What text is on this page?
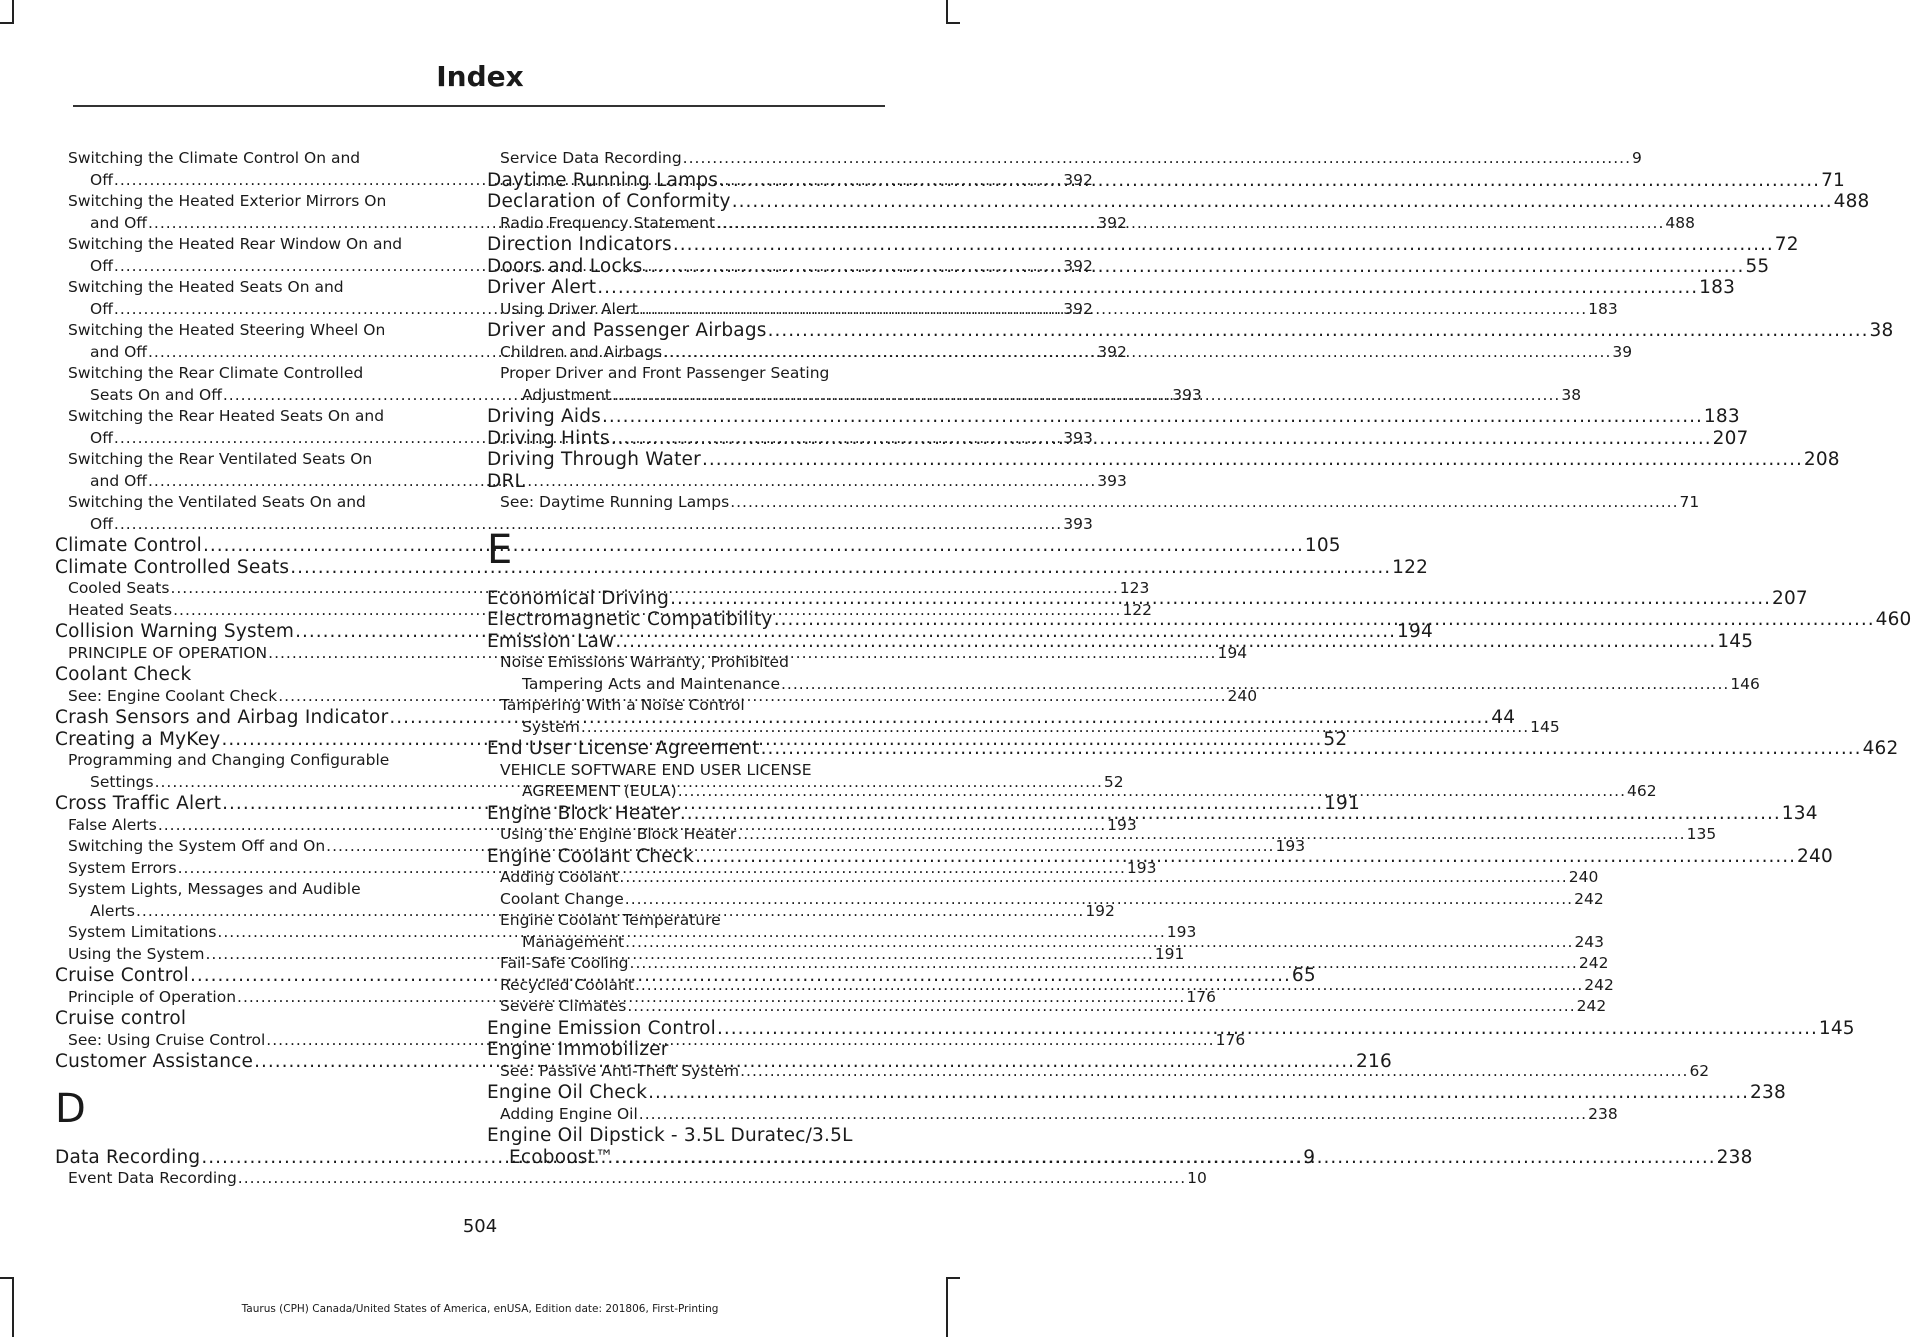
Index
Switching the Climate Control On and
Off .....	392
Switching the Heated Exterior Mirrors On
and Off .....	392
Switching the Heated Rear Window On and
Off .....	392
Switching the Heated Seats On and
Off .....	392
Switching the Heated Steering Wheel On
and Off .....	392
Switching the Rear Climate Controlled
Seats On and Off .....	393
Switching the Rear Heated Seats On and
Off .....	393
Switching the Rear Ventilated Seats On
and Off .....	393
Switching the Ventilated Seats On and
Off .....	393
Climate Control .....	105
Climate Controlled Seats .....	122
Cooled Seats .....	123
Heated Seats .....	122
Collision Warning System .....	194
PRINCIPLE OF OPERATION .....	194
Coolant Check
See: Engine Coolant Check .....	240
Crash Sensors and Airbag Indicator .....	44
Creating a MyKey .....	52
Programming and Changing Configurable
Settings .....	52
Cross Traffic Alert .....	191
False Alerts .....	193
Switching the System Off and On .....	193
System Errors .....	193
System Lights, Messages and Audible
Alerts .....	192
System Limitations .....	193
Using the System .....	191
Cruise Control .....	65
Principle of Operation .....	176
Cruise control
See: Using Cruise Control .....	176
Customer Assistance .....	216
D
Data Recording .....	9
Event Data Recording .....	10
Service Data Recording .....	9
Daytime Running Lamps .....	71
Declaration of Conformity .....	488
Radio Frequency Statement .....	488
Direction Indicators .....	72
Doors and Locks .....	55
Driver Alert .....	183
Using Driver Alert .....	183
Driver and Passenger Airbags .....	38
Children and Airbags .....	39
Proper Driver and Front Passenger Seating
Adjustment .....	38
Driving Aids .....	183
Driving Hints .....	207
Driving Through Water .....	208
DRL
See: Daytime Running Lamps .....	71
E
Economical Driving .....	207
Electromagnetic Compatibility .....	460
Emission Law .....	145
Noise Emissions Warranty, Prohibited
Tampering Acts and Maintenance .....	146
Tampering With a Noise Control
System .....	145
End User License Agreement .....	462
VEHICLE SOFTWARE END USER LICENSE
AGREEMENT (EULA) .....	462
Engine Block Heater .....	134
Using the Engine Block Heater .....	135
Engine Coolant Check .....	240
Adding Coolant .....	240
Coolant Change .....	242
Engine Coolant Temperature
Management .....	243
Fail-Safe Cooling .....	242
Recycled Coolant .....	242
Severe Climates .....	242
Engine Emission Control .....	145
Engine Immobilizer
See: Passive Anti-Theft System .....	62
Engine Oil Check .....	238
Adding Engine Oil .....	238
Engine Oil Dipstick - 3.5L Duratec/3.5L
Ecoboost™ .....	238
504
Taurus (CPH) Canada/United States of America, enUSA, Edition date: 201806, First-Printing
